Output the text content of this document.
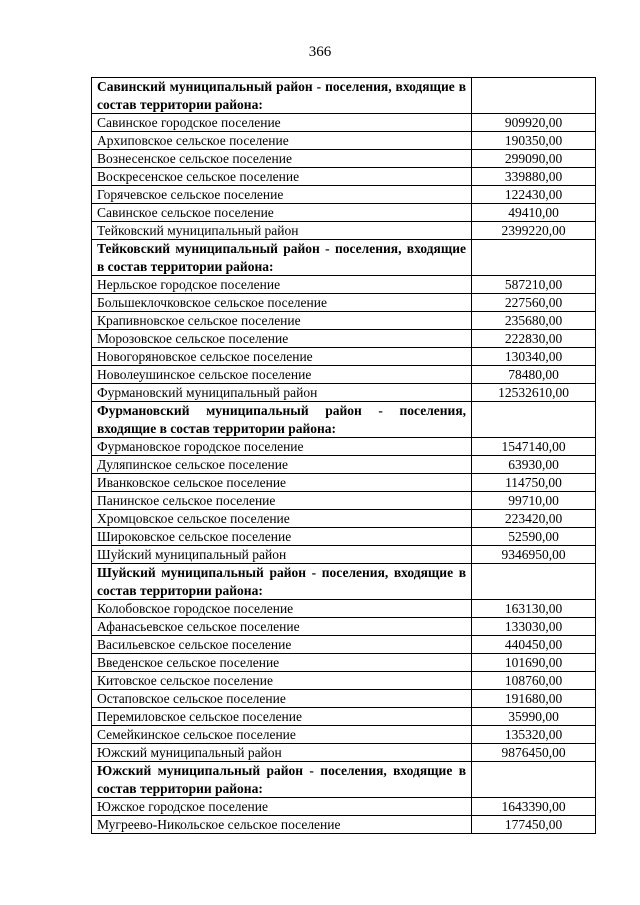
366
Савинский муниципальный район - поселения, входящие в состав территории района:	
Савинское городское поселение	909920,00
Архиповское сельское поселение	190350,00
Вознесенское сельское поселение	299090,00
Воскресенское сельское поселение	339880,00
Горячевское сельское поселение	122430,00
Савинское сельское поселение	49410,00
Тейковский муниципальный район	2399220,00
Тейковский муниципальный район - поселения, входящие в состав территории района:	
Нерльское городское поселение	587210,00
Большеклочковское сельское поселение	227560,00
Крапивновское сельское поселение	235680,00
Морозовское сельское поселение	222830,00
Новогоряновское сельское поселение	130340,00
Новолеушинское сельское поселение	78480,00
Фурмановский муниципальный район	12532610,00
Фурмановский муниципальный район - поселения, входящие в состав территории района:	
Фурмановское городское поселение	1547140,00
Дуляпинское сельское поселение	63930,00
Иванковское сельское поселение	114750,00
Панинское сельское поселение	99710,00
Хромцовское сельское поселение	223420,00
Широковское сельское поселение	52590,00
Шуйский муниципальный район	9346950,00
Шуйский муниципальный район - поселения, входящие в состав территории района:	
Колобовское городское поселение	163130,00
Афанасьевское сельское поселение	133030,00
Васильевское сельское поселение	440450,00
Введенское сельское поселение	101690,00
Китовское сельское поселение	108760,00
Остаповское сельское поселение	191680,00
Перемиловское сельское поселение	35990,00
Семейкинское сельское поселение	135320,00
Южский муниципальный район	9876450,00
Южский муниципальный район - поселения, входящие в состав территории района:	
Южское городское поселение	1643390,00
Мугреево-Никольское сельское поселение	177450,00
